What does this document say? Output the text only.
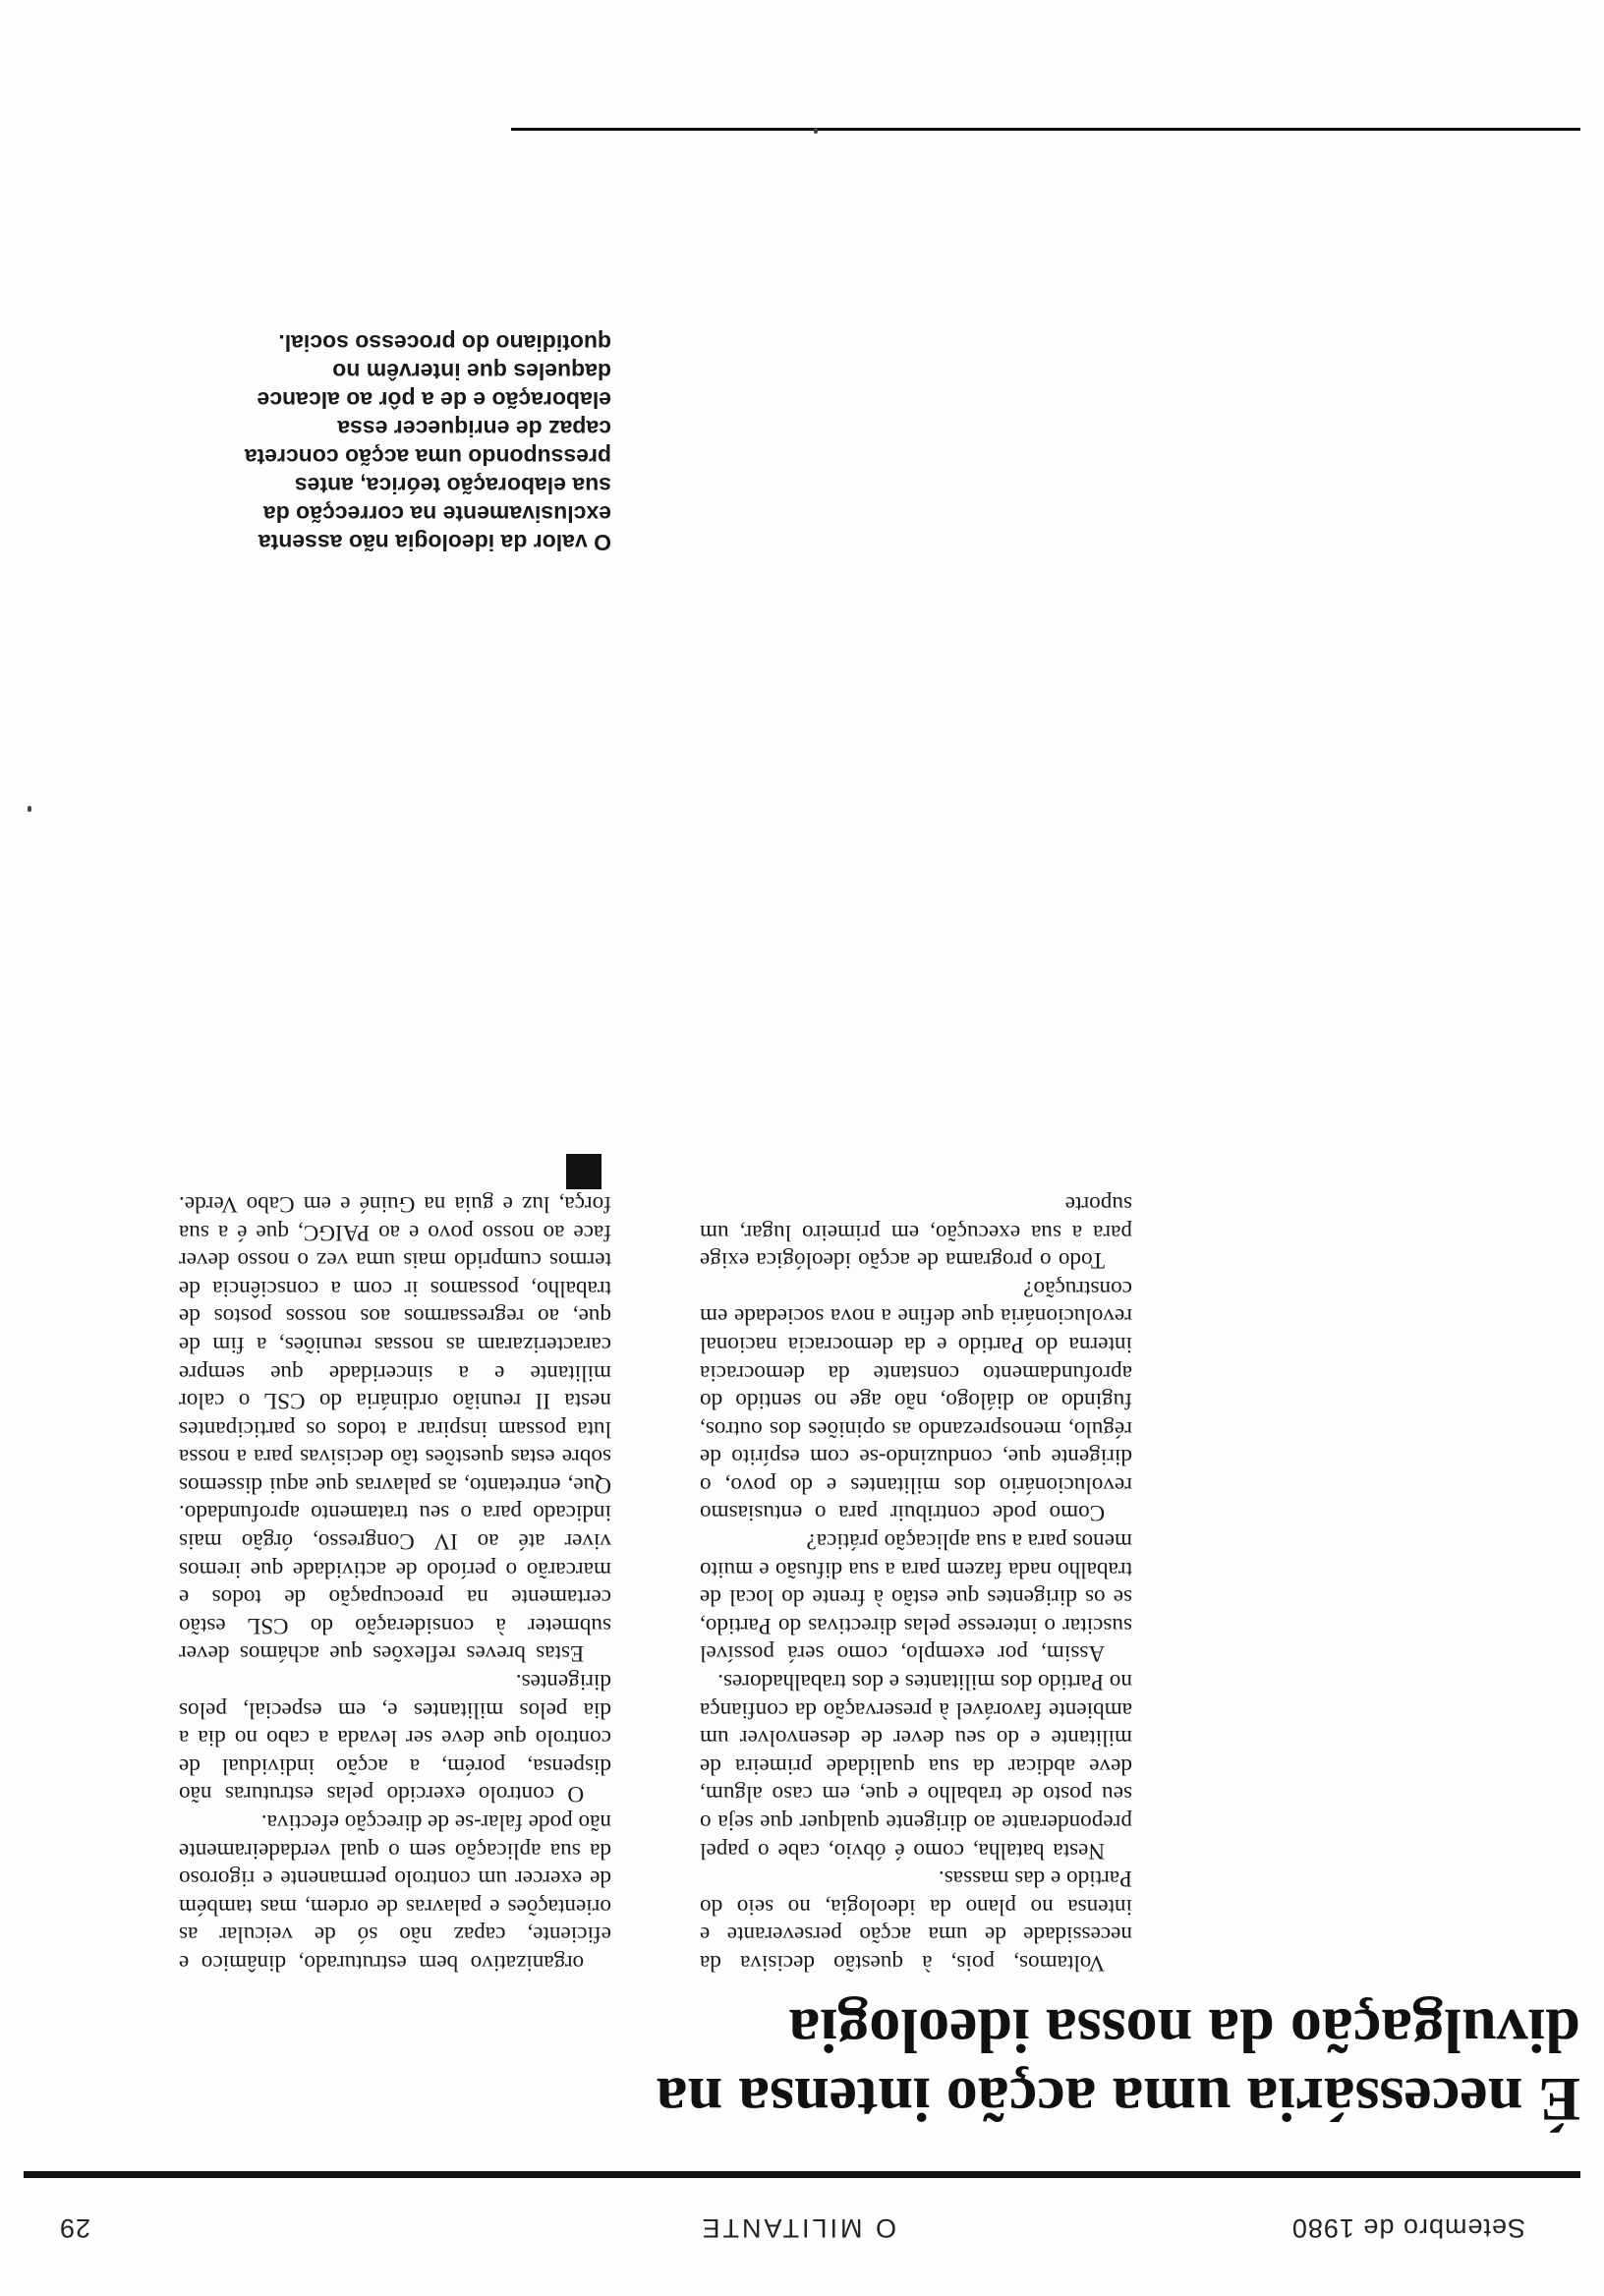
Setembro de 1980
O MILITANTE
29
É necessária uma acção intensa na divulgação da nossa ideologia

Voltamos, pois, à questão decisiva da necessidade de uma acção perseverante e intensa no plano da ideologia, no seio do Partido e das massas.

Nesta batalha, como é óbvio, cabe o papel preponderante ao dirigente qualquer que seja o seu posto de trabalho e que, em caso algum, deve abdicar da sua qualidade primeira de militante e do seu dever de desenvolver um ambiente favorável à preservação da confiança no Partido dos militantes e dos trabalhadores.

Assim, por exemplo, como será possível suscitar o interesse pelas directivas do Partido, se os dirigentes que estão à frente do local de trabalho nada fazem para a sua difusão e muito menos para a sua aplicação prática?

Como pode contribuir para o entusiasmo revolucionário dos militantes e do povo, o dirigente que, conduzindo-se com espírito de régulo, menosprezando as opiniões dos outros, fugindo ao diálogo, não age no sentido do aprofundamento constante da democracia interna do Partido e da democracia nacional revolucionária que define a nova sociedade em construção?

Todo o programa de acção ideológica exige para a sua execução, em primeiro lugar, um suporte

organizativo bem estruturado, dinâmico e eficiente, capaz não só de veicular as orientações e palavras de ordem, mas também de exercer um controlo permanente e rigoroso da sua aplicação sem o qual verdadeiramente não pode falar-se de direcção efectiva.

O controlo exercido pelas estruturas não dispensa, porém, a acção individual de controlo que deve ser levada a cabo no dia a dia pelos militantes e, em especial, pelos dirigentes.

Estas breves reflexões que achámos dever submeter à consideração do CSL estão certamente na preocupação de todos e marcarão o período de actividade que iremos viver até ao IV Congresso, órgão mais indicado para o seu tratamento aprofundado. Que, entretanto, as palavras que aqui dissemos sobre estas questões tão decisivas para a nossa luta possam inspirar a todos os participantes nesta II reunião ordinária do CSL o calor militante e a sinceridade que sempre caracterizaram as nossas reuniões, a fim de que, ao regressarmos aos nossos postos de trabalho, possamos ir com a consciência de termos cumprido mais uma vez o nosso dever face ao nosso povo e ao PAIGC, que é a sua força, luz e guia na Guiné e em Cabo Verde.

O valor da ideologia não assenta exclusivamente na correcção da sua elaboração teórica, antes pressupondo uma acção concreta capaz de enriquecer essa elaboração e de a pôr ao alcance daqueles que intervêm no quotidiano do processo social.
